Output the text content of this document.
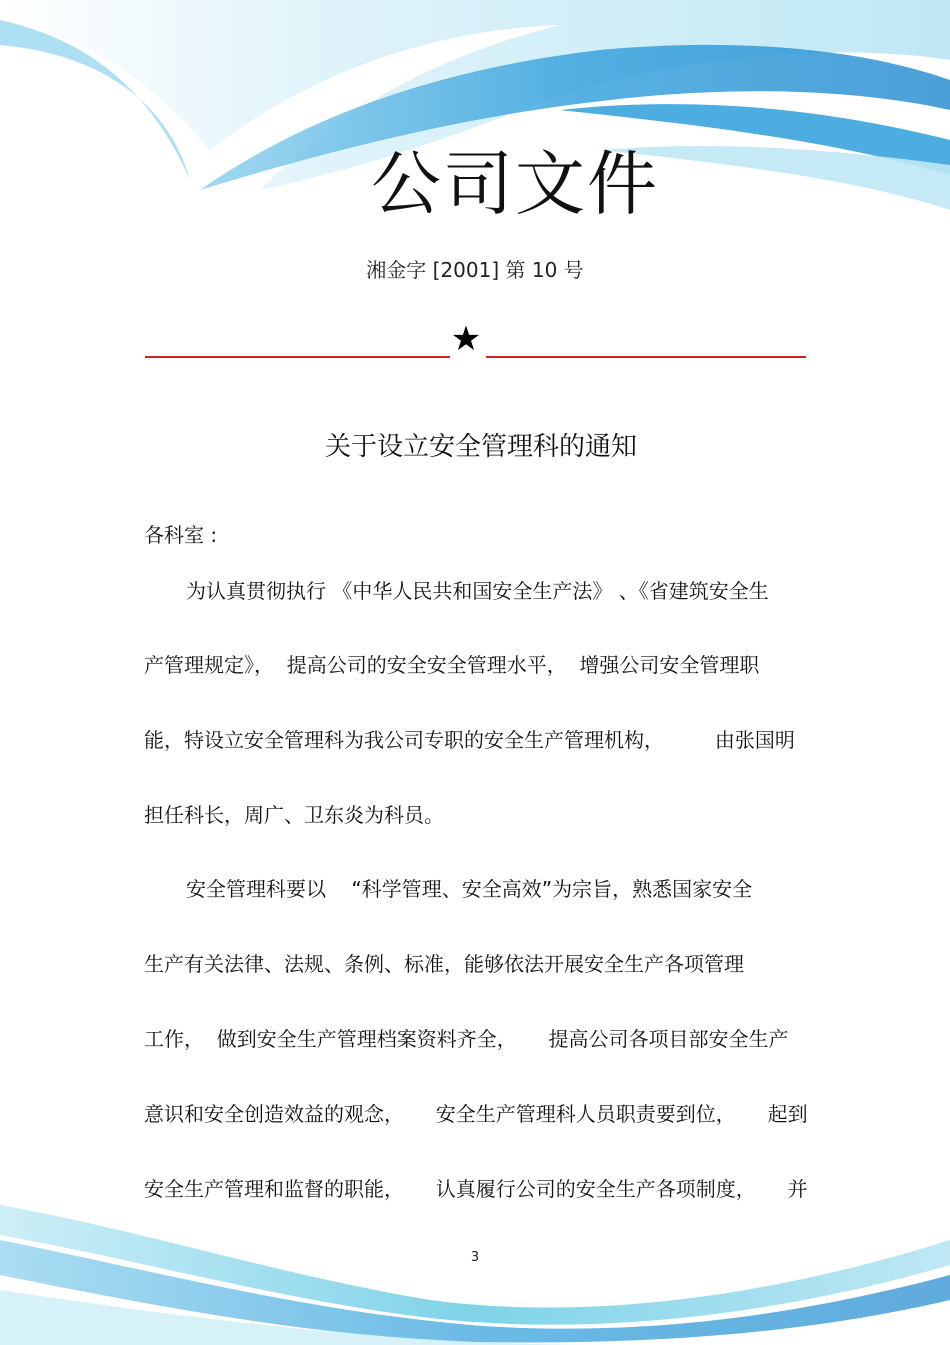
公司文件
湘金字 [2001] 第 10 号
★
关于设立安全管理科的通知
各科室 :
为认真贯彻执行 《中华人民共和国安全生产法》 、《省建筑安全生
产管理规定》，  提高公司的安全安全管理水平，  增强公司安全管理职
能，特设立安全管理科为我公司专职的安全生产管理机构，        由张国明
担任科长，周广、卫东炎为科员。
安全管理科要以    “科学管理、安全高效”为宗旨，熟悉国家安全
生产有关法律、法规、条例、标准，能够依法开展安全生产各项管理
工作，  做到安全生产管理档案资料齐全，     提高公司各项目部安全生产
意识和安全创造效益的观念，     安全生产管理科人员职责要到位，     起到
安全生产管理和监督的职能，     认真履行公司的安全生产各项制度，     并
3
